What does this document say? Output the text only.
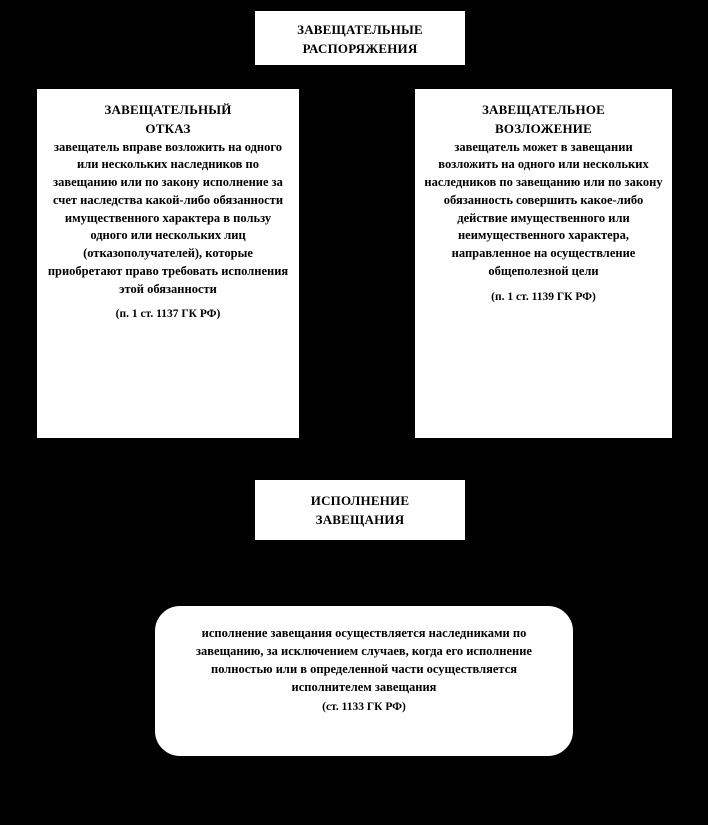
ЗАВЕЩАТЕЛЬНЫЕ
РАСПОРЯЖЕНИЯ
ЗАВЕЩАТЕЛЬНЫЙ
ОТКАЗ
завещатель вправе возложить на одного или нескольких наследников по завещанию или по закону исполнение за счет наследства какой-либо обязанности имущественного характера в пользу одного или нескольких лиц (отказополучателей), которые приобретают право требовать исполнения этой обязанности
(п. 1 ст. 1137 ГК РФ)
ЗАВЕЩАТЕЛЬНОЕ
ВОЗЛОЖЕНИЕ
завещатель может в завещании возложить на одного или нескольких наследников по завещанию или по закону обязанность совершить какое-либо действие имущественного или неимущественного характера, направленное на осуществление общеполезной цели
(п. 1 ст. 1139 ГК РФ)
ИСПОЛНЕНИЕ
ЗАВЕЩАНИЯ
исполнение завещания осуществляется наследниками по завещанию, за исключением случаев, когда его исполнение полностью или в определенной части осуществляется исполнителем завещания
(ст. 1133 ГК РФ)
